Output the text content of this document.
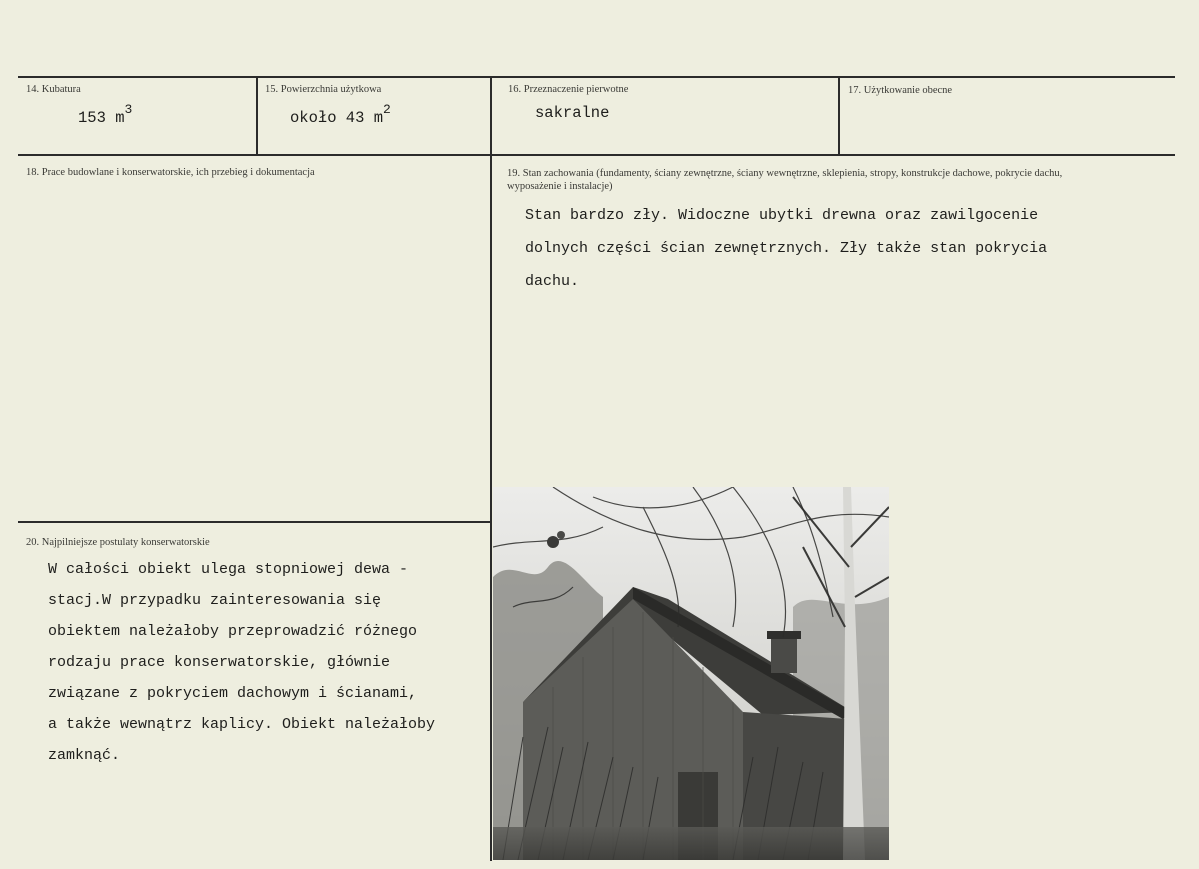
14. Kubatura
153 $m^3$
15. Powierzchnia użytkowa
około 43 $m^2$
16. Przeznaczenie pierwotne
sakralne
17. Użytkowanie obecne
18. Prace budowlane i konserwatorskie, ich przebieg i dokumentacja	19. Stan zachowania (fundamenty, ściany zewnętrzne, ściany wewnętrzne, sklepienia, stropy, konstrukcje dachowe, pokrycie dachu, wyposażenie i instalacje)
Stan bardzo zły. Widoczne ubytki drewna oraz zawilgocenie
dolnych części ścian zewnętrznych. Zły także stan pokrycia
dachu.
20. Najpilniejsze postulaty konserwatorskie
W całości obiekt ulega stopniowej dewa -
stacj.W przypadku zainteresowania się
obiektem należałoby przeprowadzić różnego
rodzaju prace konserwatorskie, głównie
związane z pokryciem dachowym i ścianami,
a także wewnątrz kaplicy. Obiekt należałoby
zamknąć.
